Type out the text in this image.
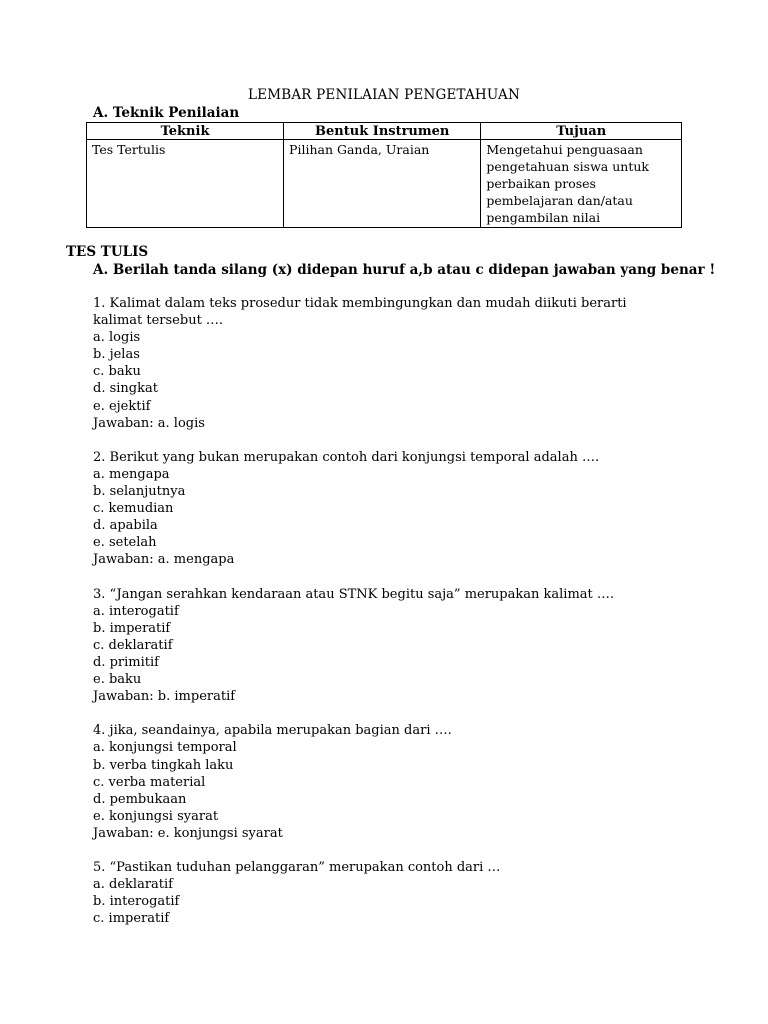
LEMBAR PENILAIAN PENGETAHUAN
A. Teknik Penilaian
Teknik	Bentuk Instrumen	Tujuan
Tes Tertulis	Pilihan Ganda, Uraian	Mengetahui penguasaan
pengetahuan siswa untuk
perbaikan proses
pembelajaran dan/atau
pengambilan nilai
TES TULIS
A. Berilah tanda silang (x) didepan huruf a,b atau c didepan jawaban yang benar !
1. Kalimat dalam teks prosedur tidak membingungkan dan mudah diikuti berarti
kalimat tersebut ….
a. logis
b. jelas
c. baku
d. singkat
e. ejektif
Jawaban: a. logis
2. Berikut yang bukan merupakan contoh dari konjungsi temporal adalah ….
a. mengapa
b. selanjutnya
c. kemudian
d. apabila
e. setelah
Jawaban: a. mengapa
3. “Jangan serahkan kendaraan atau STNK begitu saja” merupakan kalimat ….
a. interogatif
b. imperatif
c. deklaratif
d. primitif
e. baku
Jawaban: b. imperatif
4. jika, seandainya, apabila merupakan bagian dari ….
a. konjungsi temporal
b. verba tingkah laku
c. verba material
d. pembukaan
e. konjungsi syarat
Jawaban: e. konjungsi syarat
5. “Pastikan tuduhan pelanggaran” merupakan contoh dari …
a. deklaratif
b. interogatif
c. imperatif
